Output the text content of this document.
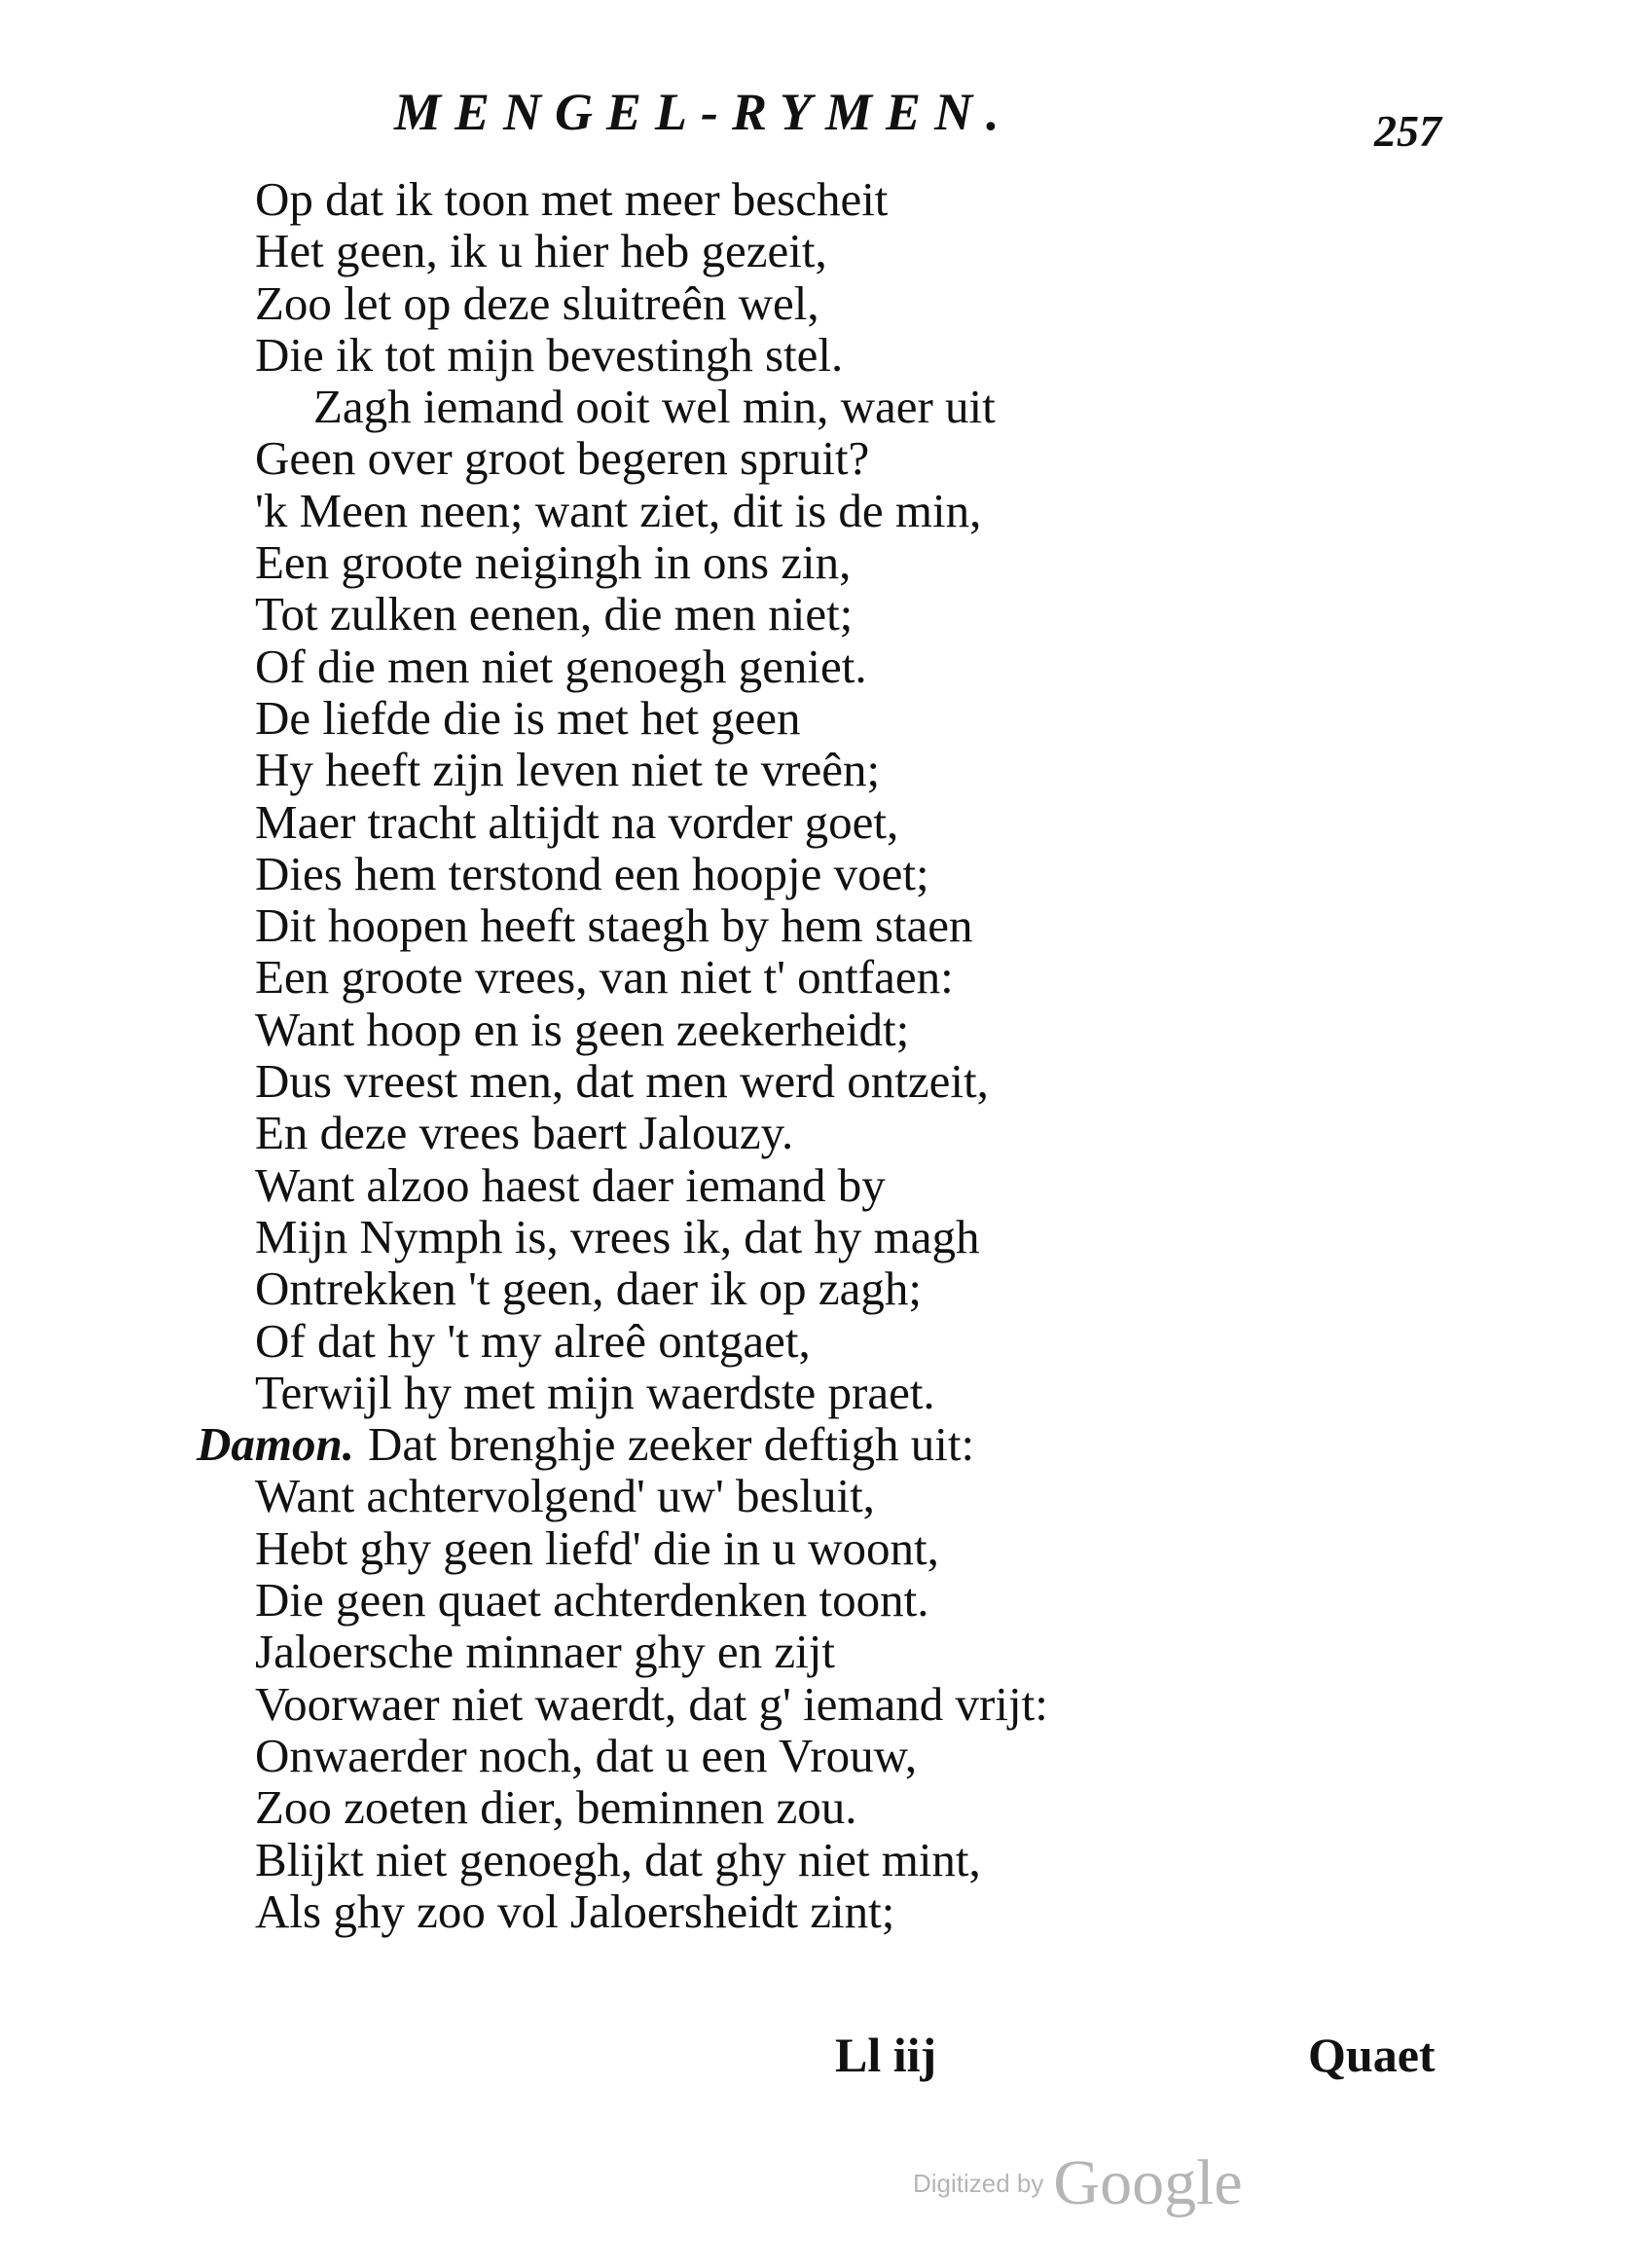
MENGEL-RYMEN.	257
Op dat ik toon met meer bescheit
Het geen, ik u hier heb gezeit,
Zoo let op deze sluitreên wel,
Die ik tot mijn bevestingh stel.
Zagh iemand ooit wel min, waer uit
Geen over groot begeren spruit?
'k Meen neen; want ziet, dit is de min,
Een groote neigingh in ons zin,
Tot zulken eenen, die men niet;
Of die men niet genoegh geniet.
De liefde die is met het geen
Hy heeft zijn leven niet te vreên;
Maer tracht altijdt na vorder goet,
Dies hem terstond een hoopje voet;
Dit hoopen heeft staegh by hem staen
Een groote vrees, van niet t' ontfaen:
Want hoop en is geen zeekerheidt;
Dus vreest men, dat men werd ontzeit,
En deze vrees baert Jalouzy.
Want alzoo haest daer iemand by
Mijn Nymph is, vrees ik, dat hy magh
Ontrekken 't geen, daer ik op zagh;
Of dat hy 't my alreê ontgaet,
Terwijl hy met mijn waerdste praet.
Damon. Dat brenghje zeeker deftigh uit:
Want achtervolgend' uw' besluit,
Hebt ghy geen liefd' die in u woont,
Die geen quaet achterdenken toont.
Jaloersche minnaer ghy en zijt
Voorwaer niet waerdt, dat g' iemand vrijt:
Onwaerder noch, dat u een Vrouw,
Zoo zoeten dier, beminnen zou.
Blijkt niet genoegh, dat ghy niet mint,
Als ghy zoo vol Jaloersheidt zint;
Ll iij	Quaet
Digitized by Google
